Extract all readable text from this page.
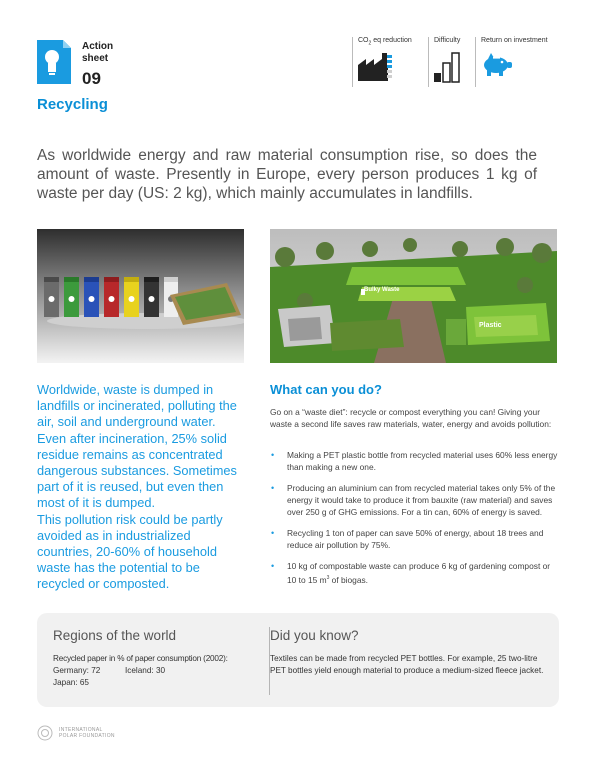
Action
sheet
09
Recycling
$CO_2$ eq reduction	Difficulty	Return on investment
As worldwide energy and raw material consumption rise, so does the amount of waste. Presently in Europe, every person produces 1 kg of waste per day (US: 2 kg), which mainly accumulates in landfills.
Bulky Waste
Plastic
Worldwide, waste is dumped in landfills or incinerated, polluting the air, soil and underground water. Even after incineration, 25% solid residue remains as concentrated dangerous substances. Sometimes part of it is reused, but even then most of it is dumped.
This pollution risk could be partly avoided as in industrialized countries, 20-60% of household waste has the potential to be recycled or composted.
What can you do?
Go on a “waste diet”: recycle or compost everything you can! Giving your waste a second life saves raw materials, water, energy and avoids pollution:
• Making a PET plastic bottle from recycled material uses 60% less energy than making a new one.
• Producing an aluminium can from recycled material takes only 5% of the energy it would take to produce it from bauxite (raw material) and saves over 250 g of GHG emissions. For a tin can, 60% of energy is saved.
• Recycling 1 ton of paper can save 50% of energy, about 18 trees and reduce air pollution by 75%.
• 10 kg of compostable waste can produce 6 kg of gardening compost or 10 to 15 $m^3$ of biogas.
Regions of the world
Recycled paper in % of paper consumption (2002):
Germany: 72	Iceland: 30
Japan: 65
Did you know?
Textiles can be made from recycled PET bottles. For example, 25 two-litre PET bottles yield enough material to produce a medium-sized fleece jacket.
INTERNATIONAL
POLAR FOUNDATION
